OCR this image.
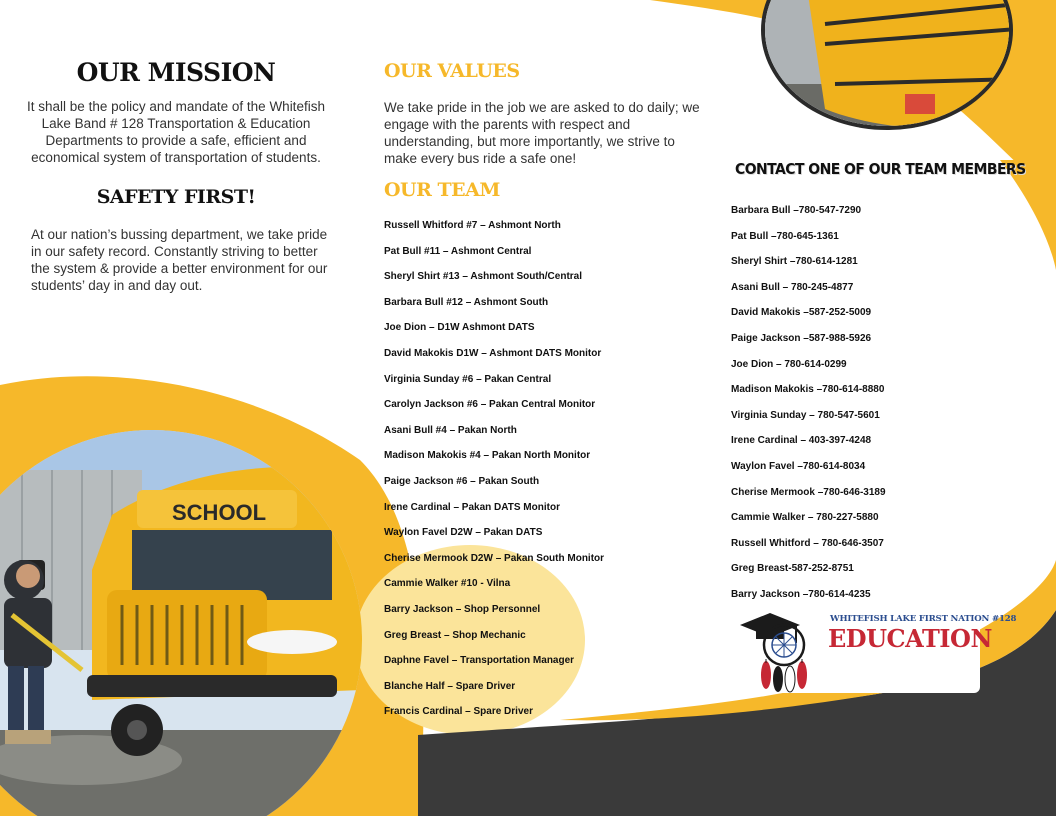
SCHOOL
OUR MISSION

It shall be the policy and mandate of the Whitefish Lake Band # 128 Transportation & Education Departments to provide a safe, efficient and economical system of transportation of students.

SAFETY FIRST!

At our nation’s bussing department, we take pride in our safety record. Constantly striving to better the system & provide a better environment for our students’ day in and day out.

OUR VALUES

We take pride in the job we are asked to do daily; we engage with the parents with respect and understanding, but more importantly, we strive to make every bus ride a safe one!

OUR TEAM
Russell Whitford #7 – Ashmont North
Pat Bull #11 – Ashmont Central
Sheryl Shirt #13 – Ashmont South/Central
Barbara Bull #12 – Ashmont South
Joe Dion – D1W Ashmont DATS
David Makokis D1W – Ashmont DATS Monitor
Virginia Sunday #6 – Pakan Central
Carolyn Jackson #6 – Pakan Central Monitor
Asani Bull #4 – Pakan North
Madison Makokis #4 – Pakan North Monitor
Paige Jackson #6 – Pakan South
Irene Cardinal – Pakan DATS Monitor
Waylon Favel D2W – Pakan DATS
Cherise Mermook D2W – Pakan South Monitor
Cammie Walker #10 - Vilna
Barry Jackson – Shop Personnel
Greg Breast – Shop Mechanic
Daphne Favel – Transportation Manager
Blanche Half – Spare Driver
Francis Cardinal – Spare Driver
CONTACT ONE OF OUR TEAM MEMBERS
Barbara Bull –780-547-7290
Pat Bull –780-645-1361
Sheryl Shirt –780-614-1281
Asani Bull – 780-245-4877
David Makokis –587-252-5009
Paige Jackson –587-988-5926
Joe Dion – 780-614-0299
Madison Makokis –780-614-8880
Virginia Sunday – 780-547-5601
Irene Cardinal – 403-397-4248
Waylon Favel –780-614-8034
Cherise Mermook –780-646-3189
Cammie Walker – 780-227-5880
Russell Whitford – 780-646-3507
Greg Breast-587-252-8751
Barry Jackson –780-614-4235
WHITEFISH LAKE FIRST NATION #128
EDUCATION
